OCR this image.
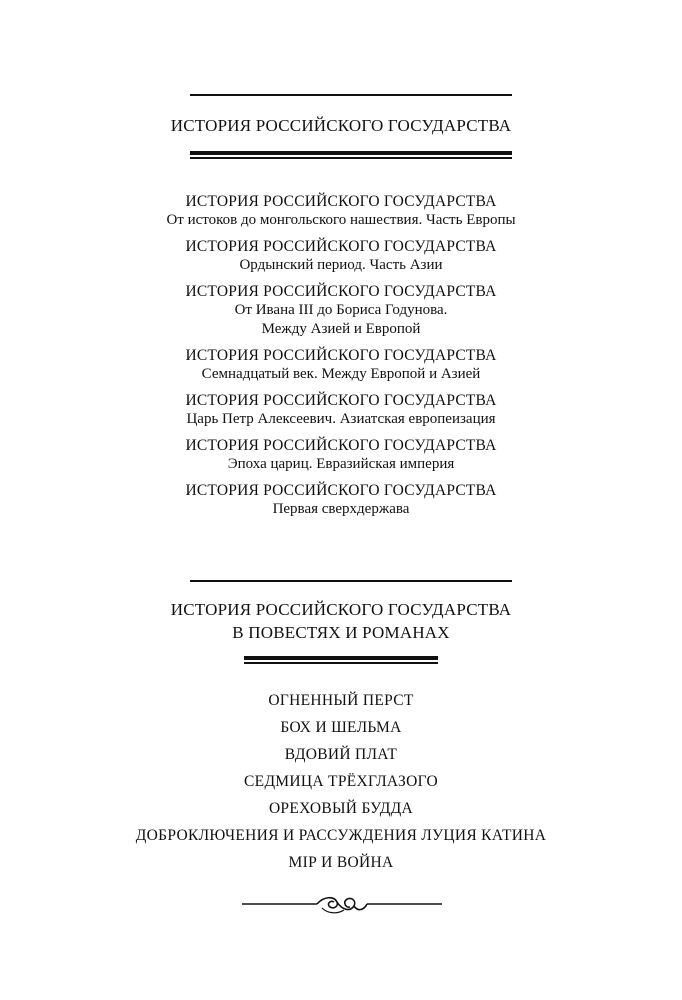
ИСТОРИЯ РОССИЙСКОГО ГОСУДАРСТВА
ИСТОРИЯ РОССИЙСКОГО ГОСУДАРСТВА
От истоков до монгольского нашествия. Часть Европы
ИСТОРИЯ РОССИЙСКОГО ГОСУДАРСТВА
Ордынский период. Часть Азии
ИСТОРИЯ РОССИЙСКОГО ГОСУДАРСТВА
От Ивана III до Бориса Годунова.
Между Азией и Европой
ИСТОРИЯ РОССИЙСКОГО ГОСУДАРСТВА
Семнадцатый век. Между Европой и Азией
ИСТОРИЯ РОССИЙСКОГО ГОСУДАРСТВА
Царь Петр Алексеевич. Азиатская европеизация
ИСТОРИЯ РОССИЙСКОГО ГОСУДАРСТВА
Эпоха цариц. Евразийская империя
ИСТОРИЯ РОССИЙСКОГО ГОСУДАРСТВА
Первая сверхдержава
ИСТОРИЯ РОССИЙСКОГО ГОСУДАРСТВА
В ПОВЕСТЯХ И РОМАНАХ
ОГНЕННЫЙ ПЕРСТ
БОХ И ШЕЛЬМА
ВДОВИЙ ПЛАТ
СЕДМИЦА ТРЁХГЛАЗОГО
ОРЕХОВЫЙ БУДДА
ДОБРОКЛЮЧЕНИЯ И РАССУЖДЕНИЯ ЛУЦИЯ КАТИНА
МIР И ВОЙНА
